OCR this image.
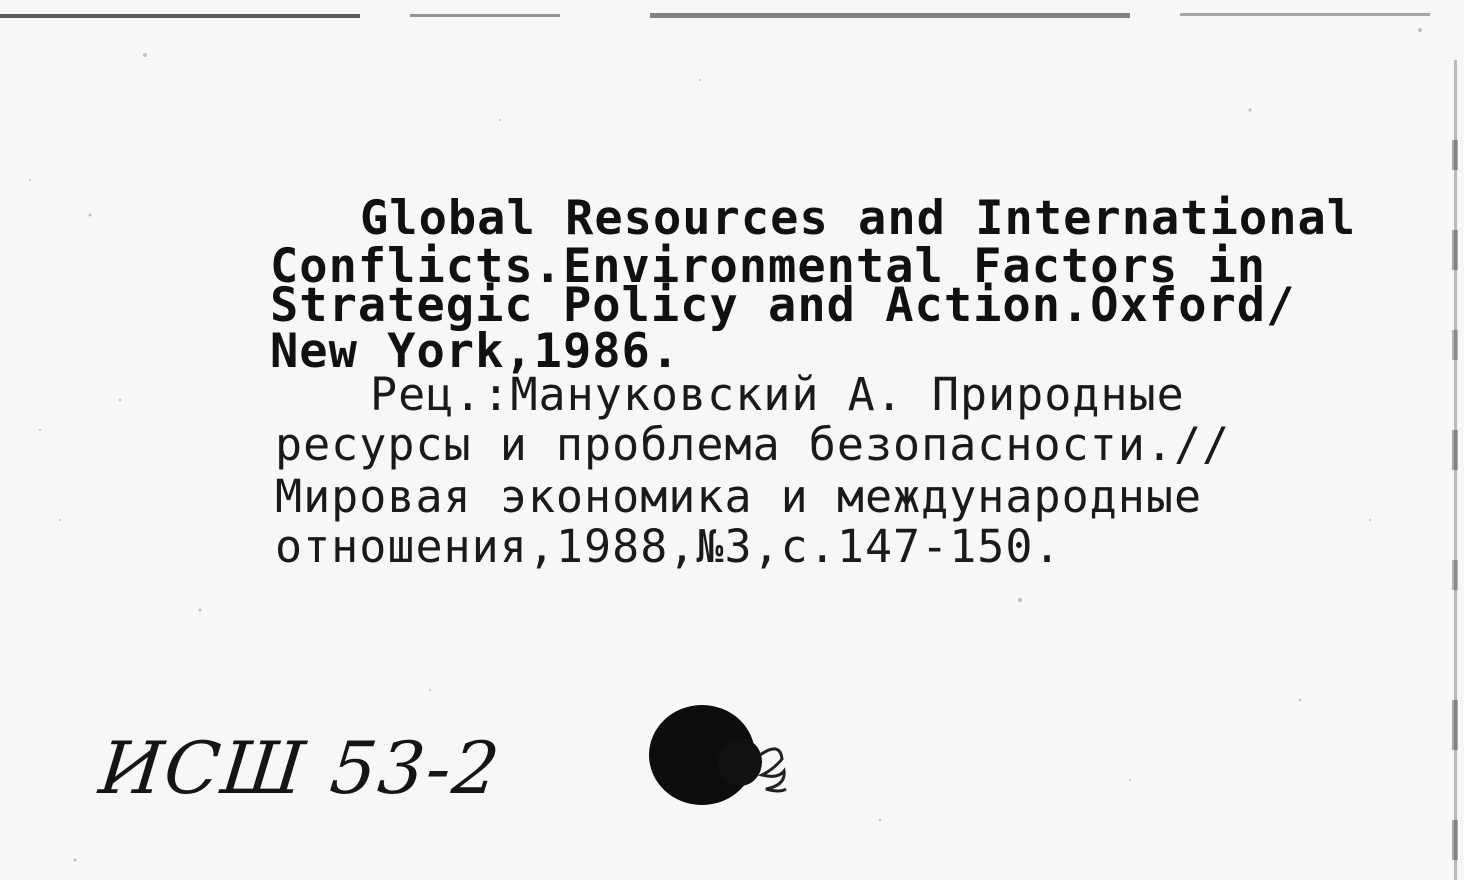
Global Resources and International
Conflicts.Environmental Factors in
Strategic Policy and Action.Oxford/
New York,1986.
Рец.:Мануковский А. Природные
ресурсы и проблема безопасности.//
Мировая экономика и международные
отношения,1988,№3,с.147-150.
ИСШ 53-2
